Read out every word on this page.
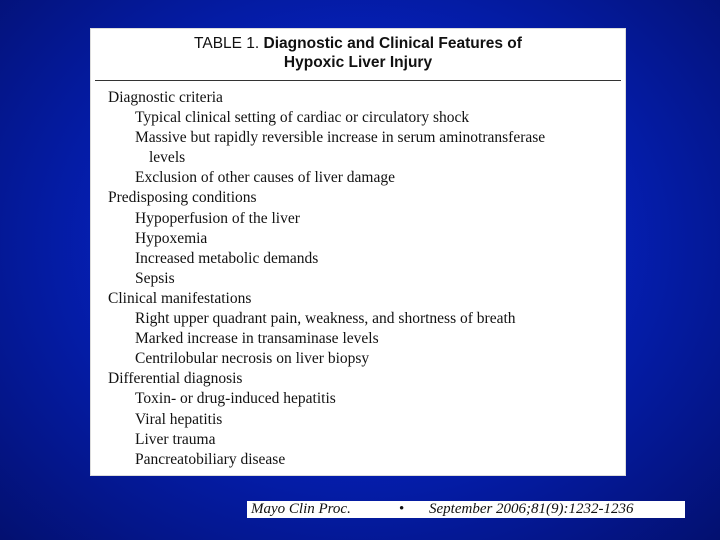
TABLE 1. Diagnostic and Clinical Features of
Hypoxic Liver Injury
Diagnostic criteria
Typical clinical setting of cardiac or circulatory shock
Massive but rapidly reversible increase in serum aminotransferase
levels
Exclusion of other causes of liver damage
Predisposing conditions
Hypoperfusion of the liver
Hypoxemia
Increased metabolic demands
Sepsis
Clinical manifestations
Right upper quadrant pain, weakness, and shortness of breath
Marked increase in transaminase levels
Centrilobular necrosis on liver biopsy
Differential diagnosis
Toxin- or drug-induced hepatitis
Viral hepatitis
Liver trauma
Pancreatobiliary disease
Mayo Clin Proc.	• September 2006;81(9):1232-1236
